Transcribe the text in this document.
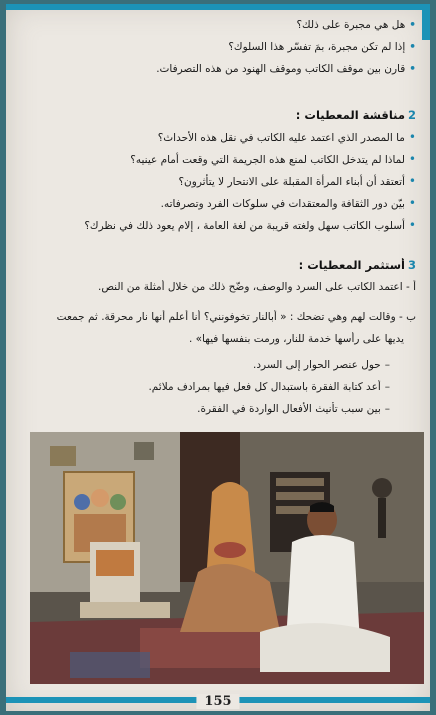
•هل هي مجبرة على ذلك؟
•إذا لم تكن مجبرة، بمَ تفسّر هذا السلوك؟
•قارن بين موقف الكاتب وموقف الهنود من هذه التصرفات.
2مناقشة المعطيات :
•ما المصدر الذي اعتمد عليه الكاتب في نقل هذه الأحداث؟
•لماذا لم يتدخل الكاتب لمنع هذه الجريمة التي وقعت أمام عينيه؟
•أتعتقد أن أبناء المرأة المقبلة على الانتحار لا يتأثرون؟
•بيّن دور الثقافة والمعتقدات في سلوكات الفرد وتصرفاته.
•أسلوب الكاتب سهل ولغته قريبة من لغة العامة ، إلام يعود ذلك في نظرك؟
3أستثمر المعطيات :
أ - اعتمد الكاتب على السرد والوصف، وضّح ذلك من خلال أمثلة من النص.
ب - وقالت لهم وهي تضحك : « أبالنار تخوفونني؟ أنا أعلم أنها نار محرقة. ثم جمعت
يديها على رأسها خدمة للنار، ورمت بنفسها فيها» .
–حول عنصر الحوار إلى السرد.
–أعد كتابة الفقرة باستبدال كل فعل فيها بمرادف ملائم.
–بين سبب تأنيث الأفعال الواردة في الفقرة.
155
